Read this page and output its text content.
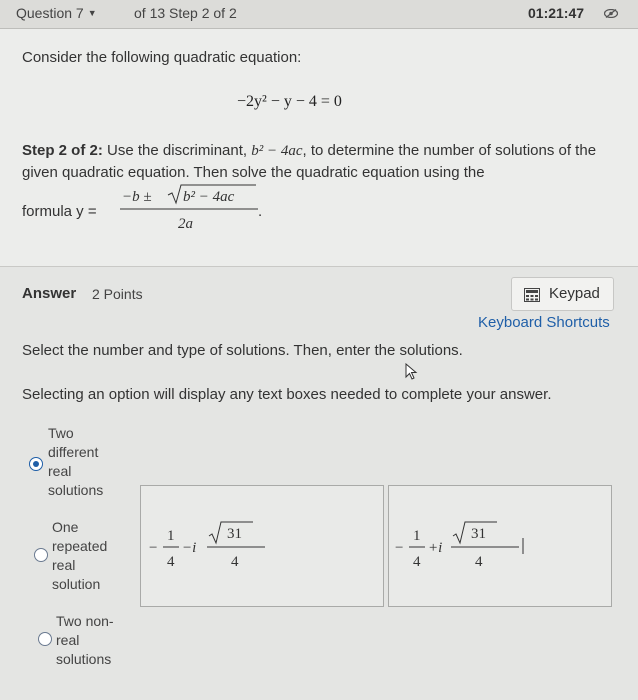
Question 7 ▼	of 13 Step 2 of 2	01:21:47
Consider the following quadratic equation:
−2y² − y − 4 = 0
Step 2 of 2: Use the discriminant, b² − 4ac, to determine the number of solutions of the given quadratic equation. Then solve the quadratic equation using the
formula y =
−b ± b² − 4ac
2a
.
Answer 2 Points	Keypad
Keyboard Shortcuts
Select the number and type of solutions. Then, enter the solutions.
Selecting an option will display any text boxes needed to complete your answer.
Two
different
real
solutions
One
repeated
real
solution
Two non-
real
solutions
−
1
4
−i
31
4
−
1
4
+i
31
4
